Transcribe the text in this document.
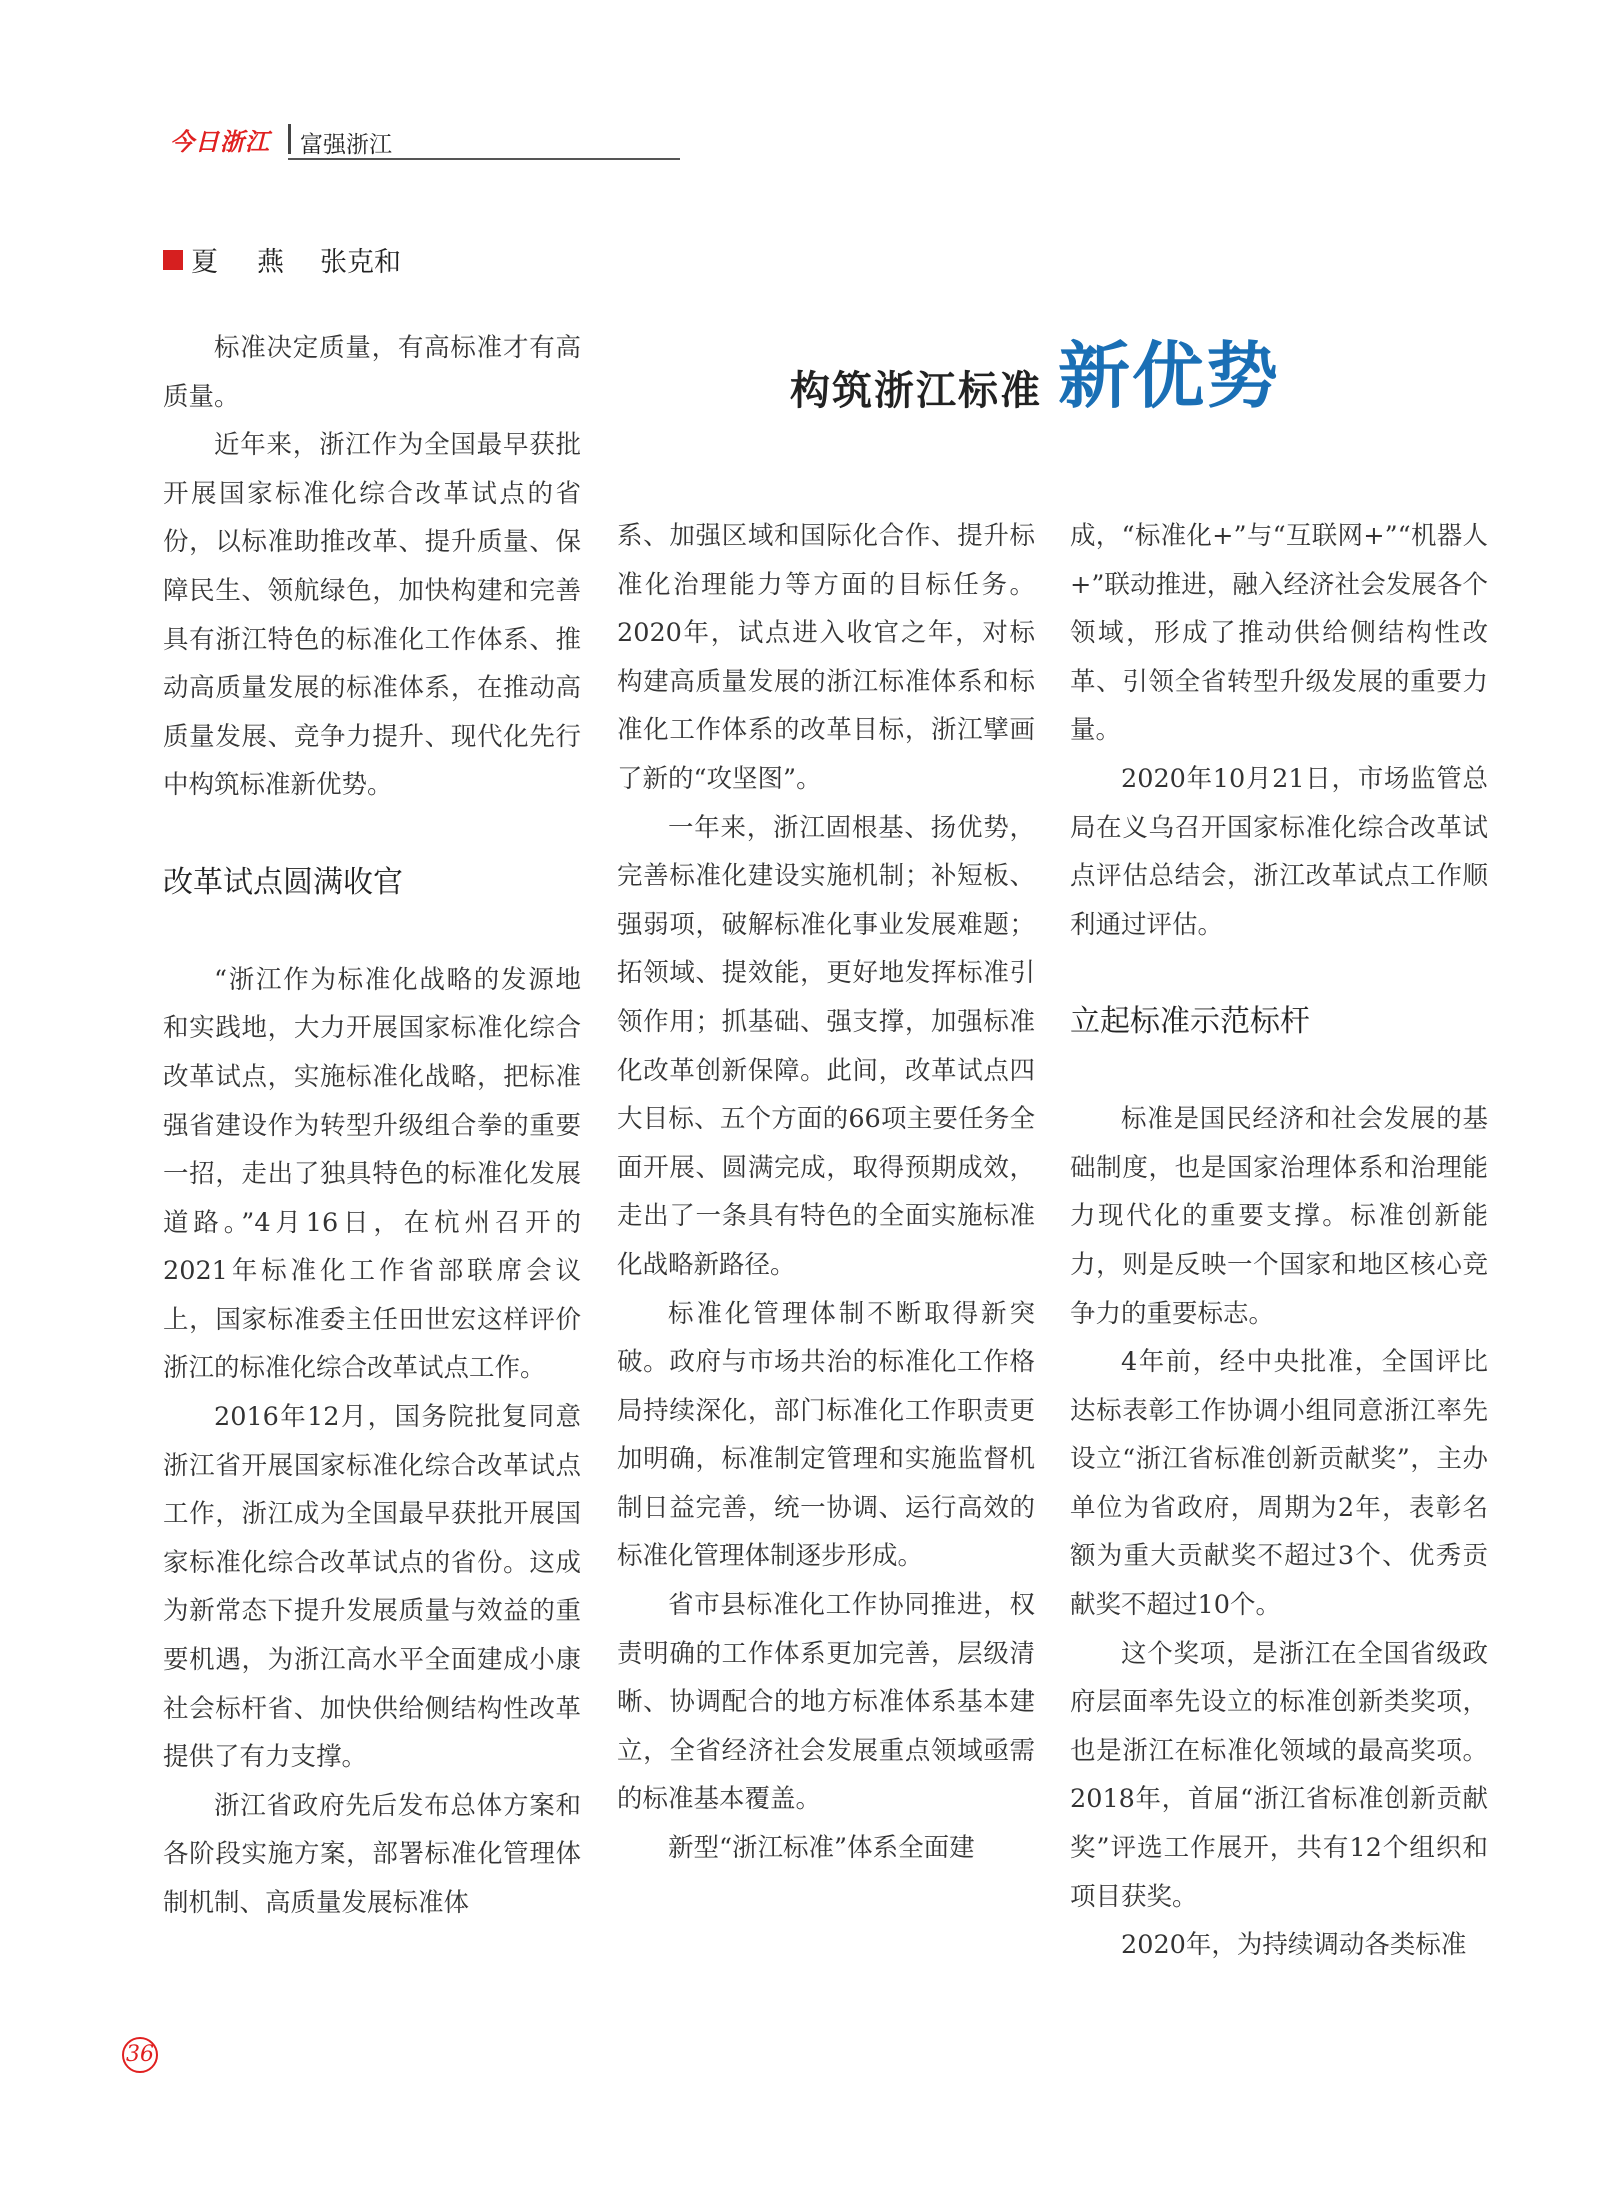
今日浙江 富强浙江
夏　燕 张克和
构筑浙江标准 新优势

标准决定质量，有高标准才有高质量。

近年来，浙江作为全国最早获批开展国家标准化综合改革试点的省份，以标准助推改革、提升质量、保障民生、领航绿色，加快构建和完善具有浙江特色的标准化工作体系、推动高质量发展的标准体系，在推动高质量发展、竞争力提升、现代化先行中构筑标准新优势。

改革试点圆满收官

“浙江作为标准化战略的发源地和实践地，大力开展国家标准化综合改革试点，实施标准化战略，把标准强省建设作为转型升级组合拳的重要一招，走出了独具特色的标准化发展道路。”4月16日，在杭州召开的2021年标准化工作省部联席会议上，国家标准委主任田世宏这样评价浙江的标准化综合改革试点工作。

2016年12月，国务院批复同意浙江省开展国家标准化综合改革试点工作，浙江成为全国最早获批开展国家标准化综合改革试点的省份。这成为新常态下提升发展质量与效益的重要机遇，为浙江高水平全面建成小康社会标杆省、加快供给侧结构性改革提供了有力支撑。

浙江省政府先后发布总体方案和各阶段实施方案，部署标准化管理体制机制、高质量发展标准体

系、加强区域和国际化合作、提升标准化治理能力等方面的目标任务。2020年，试点进入收官之年，对标构建高质量发展的浙江标准体系和标准化工作体系的改革目标，浙江擘画了新的“攻坚图”。

一年来，浙江固根基、扬优势，完善标准化建设实施机制；补短板、强弱项，破解标准化事业发展难题；拓领域、提效能，更好地发挥标准引领作用；抓基础、强支撑，加强标准化改革创新保障。此间，改革试点四大目标、五个方面的66项主要任务全面开展、圆满完成，取得预期成效，走出了一条具有特色的全面实施标准化战略新路径。

标准化管理体制不断取得新突破。政府与市场共治的标准化工作格局持续深化，部门标准化工作职责更加明确，标准制定管理和实施监督机制日益完善，统一协调、运行高效的标准化管理体制逐步形成。

省市县标准化工作协同推进，权责明确的工作体系更加完善，层级清晰、协调配合的地方标准体系基本建立，全省经济社会发展重点领域亟需的标准基本覆盖。

新型“浙江标准”体系全面建

成，“标准化+”与“互联网+”“机器人+”联动推进，融入经济社会发展各个领域，形成了推动供给侧结构性改革、引领全省转型升级发展的重要力量。

2020年10月21日，市场监管总局在义乌召开国家标准化综合改革试点评估总结会，浙江改革试点工作顺利通过评估。

立起标准示范标杆

标准是国民经济和社会发展的基础制度，也是国家治理体系和治理能力现代化的重要支撑。标准创新能力，则是反映一个国家和地区核心竞争力的重要标志。

4年前，经中央批准，全国评比达标表彰工作协调小组同意浙江率先设立“浙江省标准创新贡献奖”，主办单位为省政府，周期为2年，表彰名额为重大贡献奖不超过3个、优秀贡献奖不超过10个。

这个奖项，是浙江在全国省级政府层面率先设立的标准创新类奖项，也是浙江在标准化领域的最高奖项。2018年，首届“浙江省标准创新贡献奖”评选工作展开，共有12个组织和项目获奖。

2020年，为持续调动各类标准

36
